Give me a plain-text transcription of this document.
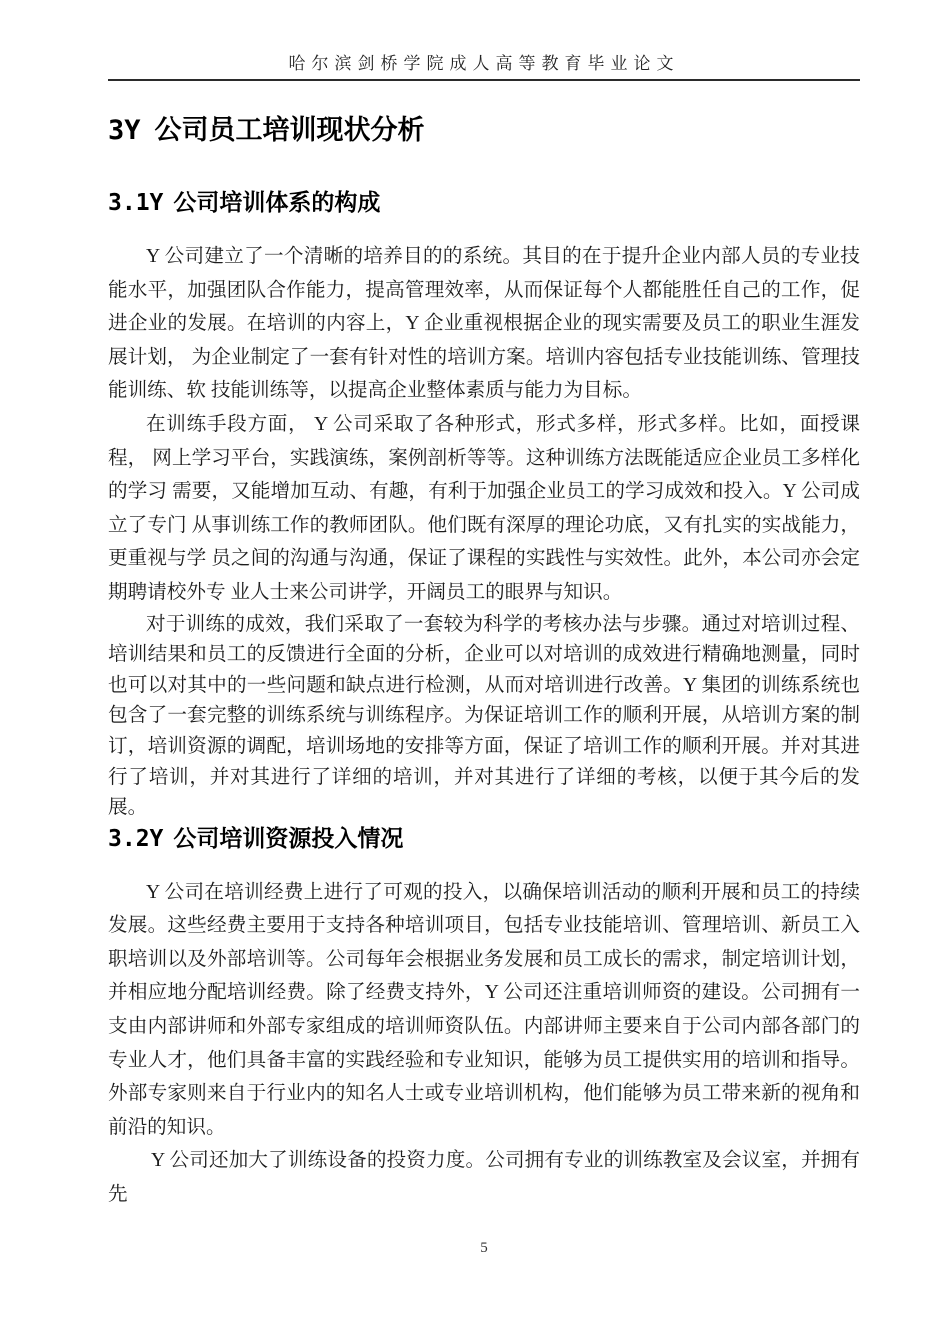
哈尔滨剑桥学院成人高等教育毕业论文
3Y 公司员工培训现状分析
3.1Y 公司培训体系的构成

Y 公司建立了一个清晰的培养目的的系统。其目的在于提升企业内部人员的专业技能水平，加强团队合作能力，提高管理效率，从而保证每个人都能胜任自己的工作，促进企业的发展。在培训的内容上，Y 企业重视根据企业的现实需要及员工的职业生涯发展计划， 为企业制定了一套有针对性的培训方案。培训内容包括专业技能训练、管理技能训练、软 技能训练等，以提高企业整体素质与能力为目标。

在训练手段方面， Y 公司采取了各种形式，形式多样，形式多样。比如，面授课程， 网上学习平台，实践演练，案例剖析等等。这种训练方法既能适应企业员工多样化的学习 需要，又能增加互动、有趣，有利于加强企业员工的学习成效和投入。Y 公司成立了专门 从事训练工作的教师团队。他们既有深厚的理论功底，又有扎实的实战能力，更重视与学 员之间的沟通与沟通，保证了课程的实践性与实效性。此外，本公司亦会定期聘请校外专 业人士来公司讲学，开阔员工的眼界与知识。

对于训练的成效，我们采取了一套较为科学的考核办法与步骤。通过对培训过程、培训结果和员工的反馈进行全面的分析，企业可以对培训的成效进行精确地测量，同时也可以对其中的一些问题和缺点进行检测，从而对培训进行改善。Y 集团的训练系统也包含了一套完整的训练系统与训练程序。为保证培训工作的顺利开展，从培训方案的制订，培训资源的调配，培训场地的安排等方面，保证了培训工作的顺利开展。并对其进行了培训，并对其进行了详细的培训，并对其进行了详细的考核，以便于其今后的发展。

3.2Y 公司培训资源投入情况

Y 公司在培训经费上进行了可观的投入，以确保培训活动的顺利开展和员工的持续发展。这些经费主要用于支持各种培训项目，包括专业技能培训、管理培训、新员工入职培训以及外部培训等。公司每年会根据业务发展和员工成长的需求，制定培训计划，并相应地分配培训经费。除了经费支持外，Y 公司还注重培训师资的建设。公司拥有一支由内部讲师和外部专家组成的培训师资队伍。内部讲师主要来自于公司内部各部门的专业人才，他们具备丰富的实践经验和专业知识，能够为员工提供实用的培训和指导。外部专家则来自于行业内的知名人士或专业培训机构，他们能够为员工带来新的视角和前沿的知识。

Y 公司还加大了训练设备的投资力度。公司拥有专业的训练教室及会议室，并拥有先

5
